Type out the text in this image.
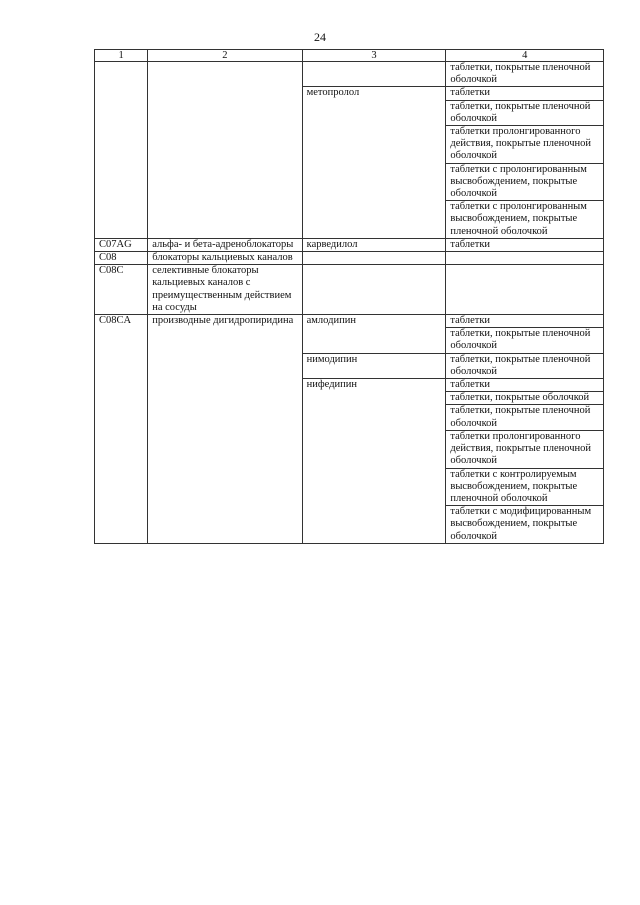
24
1	2	3	4
			таблетки, покрытые пленочной оболочкой
		метопролол	таблетки
			таблетки, покрытые пленочной оболочкой
			таблетки пролонгированного действия, покрытые пленочной оболочкой
			таблетки с пролонгированным высвобождением, покрытые оболочкой
			таблетки с пролонгированным высвобождением, покрытые пленочной оболочкой
C07AG	альфа- и бета-адреноблокаторы	карведилол	таблетки
C08	блокаторы кальциевых каналов		
C08C	селективные блокаторы кальциевых каналов с преимущественным действием на сосуды		
C08CA	производные дигидропиридина	амлодипин	таблетки
			таблетки, покрытые пленочной оболочкой
		нимодипин	таблетки, покрытые пленочной оболочкой
		нифедипин	таблетки
			таблетки, покрытые оболочкой
			таблетки, покрытые пленочной оболочкой
			таблетки пролонгированного действия, покрытые пленочной оболочкой
			таблетки с контролируемым высвобождением, покрытые пленочной оболочкой
			таблетки с модифицированным высвобождением, покрытые оболочкой
